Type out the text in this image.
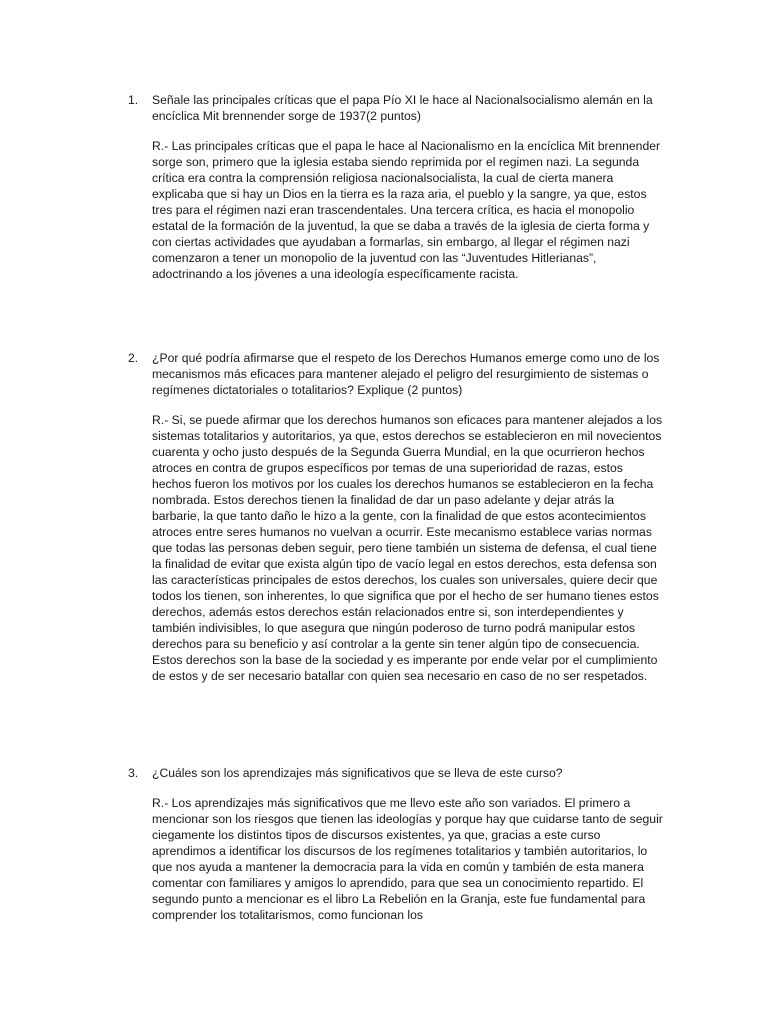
1.	Señale las principales críticas que el papa Pío XI le hace al Nacionalsocialismo alemán en la encíclica Mit brennender sorge de 1937(2 puntos)
R.- Las principales críticas que el papa le hace al Nacionalismo en la encíclica Mit brennender sorge son, primero que la iglesia estaba siendo reprimida por el regimen nazi. La segunda crítica era contra la comprensión religiosa nacionalsocialista, la cual de cierta manera explicaba que si hay un Dios en la tierra es la raza aria, el pueblo y la sangre, ya que, estos tres para el régimen nazi eran trascendentales. Una tercera crítica, es hacia el monopolio estatal de la formación de la juventud, la que se daba a través de la iglesia de cierta forma y con ciertas actividades que ayudaban a formarlas, sin embargo, al llegar el régimen nazi comenzaron a tener un monopolio de la juventud con las “Juventudes Hitlerianas”, adoctrinando a los jóvenes a una ideología específicamente racista.
2.	¿Por qué podría afirmarse que el respeto de los Derechos Humanos emerge como uno de los mecanismos más eficaces para mantener alejado el peligro del resurgimiento de sistemas o regímenes dictatoriales o totalitarios? Explique (2 puntos)
R.- Si, se puede afirmar que los derechos humanos son eficaces para mantener alejados a los sistemas totalitarios y autoritarios, ya que, estos derechos se establecieron en mil novecientos cuarenta y ocho justo después de la Segunda Guerra Mundial, en la que ocurrieron hechos atroces en contra de grupos específicos por temas de una superioridad de razas, estos hechos fueron los motivos por los cuales los derechos humanos se establecieron en la fecha nombrada. Estos derechos tienen la finalidad de dar un paso adelante y dejar atrás la barbarie, la que tanto daño le hizo a la gente, con la finalidad de que estos acontecimientos atroces entre seres humanos no vuelvan a ocurrir. Este mecanismo establece varias normas que todas las personas deben seguir, pero tiene también un sistema de defensa, el cual tiene la finalidad de evitar que exista algún tipo de vacío legal en estos derechos, esta defensa son las características principales de estos derechos, los cuales son universales, quiere decir que todos los tienen, son inherentes, lo que significa que por el hecho de ser humano tienes estos derechos, además estos derechos están relacionados entre si, son interdependientes y también indivisibles, lo que asegura que ningún poderoso de turno podrá manipular estos derechos para su beneficio y así controlar a la gente sin tener algún tipo de consecuencia. Estos derechos son la base de la sociedad y es imperante por ende velar por el cumplimiento de estos y de ser necesario batallar con quien sea necesario en caso de no ser respetados.
3.	¿Cuáles son los aprendizajes más significativos que se lleva de este curso?
R.- Los aprendizajes más significativos que me llevo este año son variados. El primero a mencionar son los riesgos que tienen las ideologías y porque hay que cuidarse tanto de seguir ciegamente los distintos tipos de discursos existentes, ya que, gracias a este curso aprendimos a identificar los discursos de los regímenes totalitarios y también autoritarios, lo que nos ayuda a mantener la democracia para la vida en común y también de esta manera comentar con familiares y amigos lo aprendido, para que sea un conocimiento repartido. El segundo punto a mencionar es el libro La Rebelión en la Granja, este fue fundamental para comprender los totalitarismos, como funcionan los
